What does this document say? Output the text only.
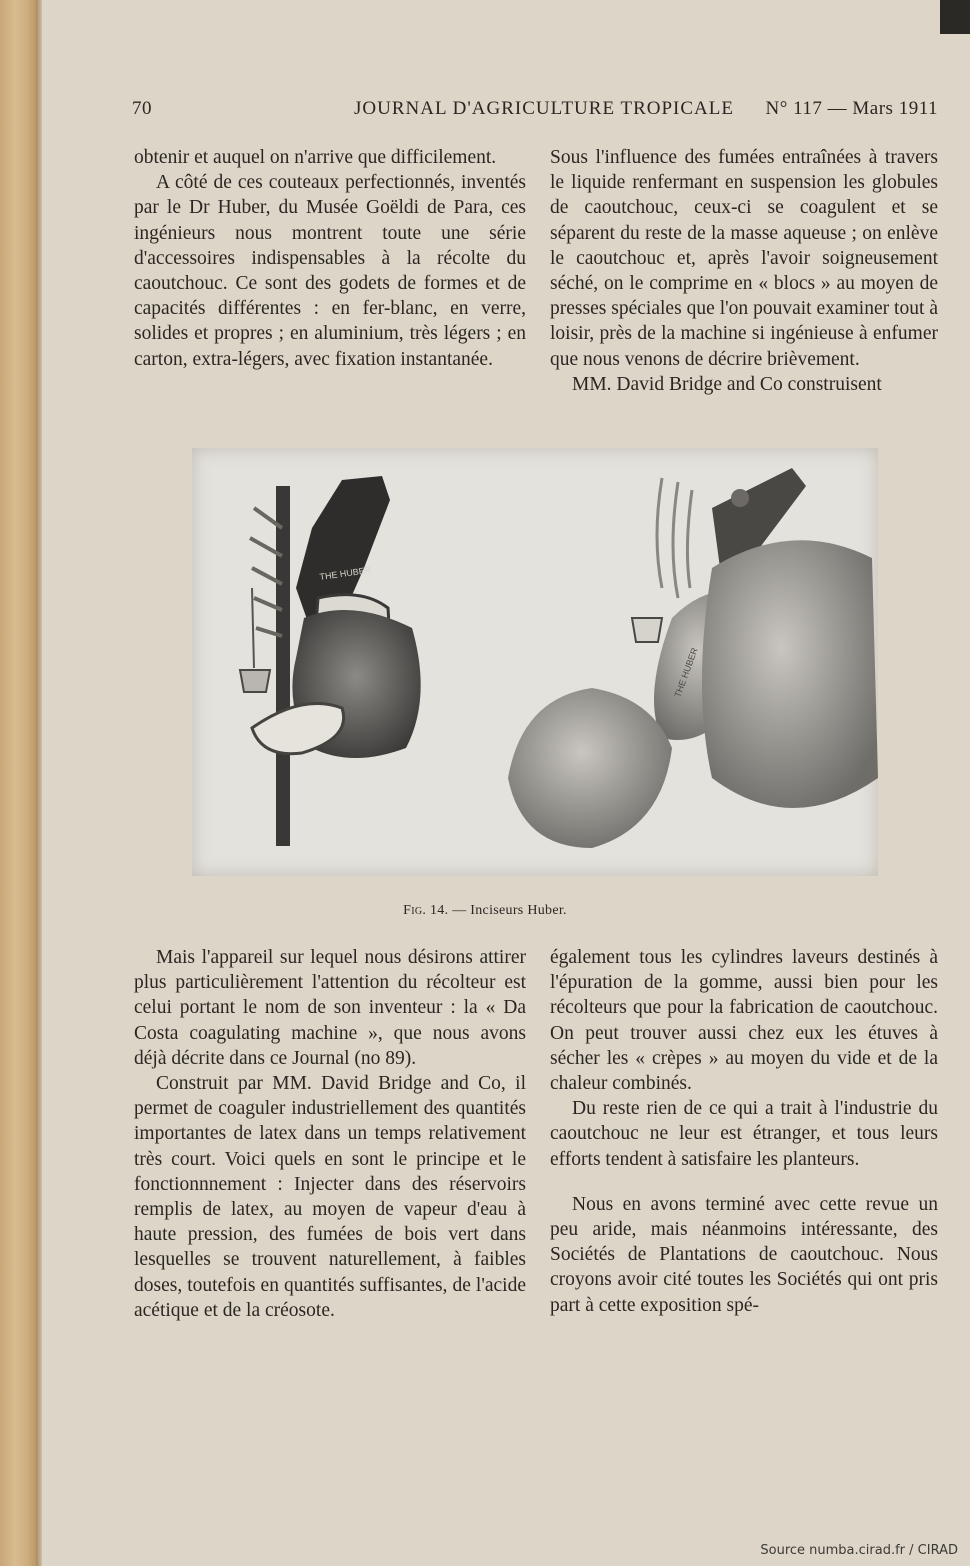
70	JOURNAL D'AGRICULTURE TROPICALE N° 117 — Mars 1911

obtenir et auquel on n'arrive que difficilement.

A côté de ces couteaux perfectionnés, inventés par le Dr Huber, du Musée Goëldi de Para, ces ingénieurs nous montrent toute une série d'accessoires indispensables à la récolte du caoutchouc. Ce sont des godets de formes et de capacités différentes : en fer-blanc, en verre, solides et propres ; en aluminium, très légers ; en carton, extra-légers, avec fixation instantanée.

Sous l'influence des fumées entraînées à travers le liquide renfermant en suspension les globules de caoutchouc, ceux-ci se coagulent et se séparent du reste de la masse aqueuse ; on enlève le caoutchouc et, après l'avoir soigneusement séché, on le comprime en « blocs » au moyen de presses spéciales que l'on pouvait examiner tout à loisir, près de la machine si ingénieuse à enfumer que nous venons de décrire brièvement.

MM. David Bridge and Co construisent

THE HUBER
THE HUBER
Fig. 14. — Inciseurs Huber.

Mais l'appareil sur lequel nous désirons attirer plus particulièrement l'attention du récolteur est celui portant le nom de son inventeur : la « Da Costa coagulating machine », que nous avons déjà décrite dans ce Journal (no 89).

Construit par MM. David Bridge and Co, il permet de coaguler industriellement des quantités importantes de latex dans un temps relativement très court. Voici quels en sont le principe et le fonctionnnement : Injecter dans des réservoirs remplis de latex, au moyen de vapeur d'eau à haute pression, des fumées de bois vert dans lesquelles se trouvent naturellement, à faibles doses, toutefois en quantités suffisantes, de l'acide acétique et de la créosote.

également tous les cylindres laveurs destinés à l'épuration de la gomme, aussi bien pour les récolteurs que pour la fabrication de caoutchouc. On peut trouver aussi chez eux les étuves à sécher les « crèpes » au moyen du vide et de la chaleur combinés.

Du reste rien de ce qui a trait à l'industrie du caoutchouc ne leur est étranger, et tous leurs efforts tendent à satisfaire les planteurs.

Nous en avons terminé avec cette revue un peu aride, mais néanmoins intéressante, des Sociétés de Plantations de caoutchouc. Nous croyons avoir cité toutes les Sociétés qui ont pris part à cette exposition spé-

Source numba.cirad.fr / CIRAD
